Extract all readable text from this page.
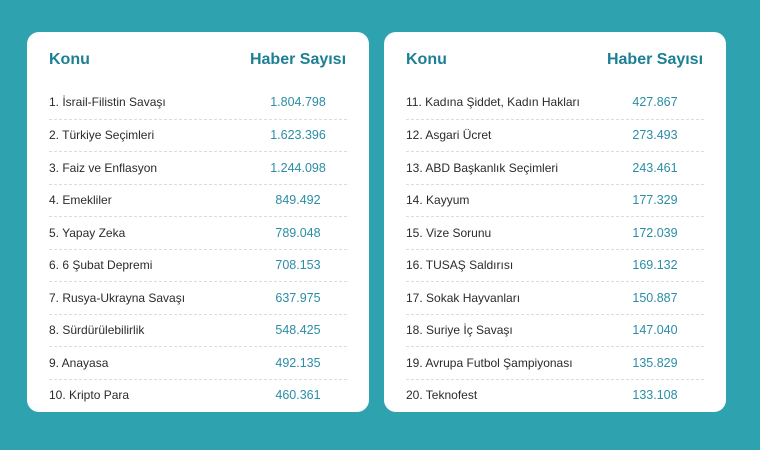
Konu	Haber Sayısı
1. İsrail-Filistin Savaşı	1.804.798
2. Türkiye Seçimleri	1.623.396
3. Faiz ve Enflasyon	1.244.098
4. Emekliler	849.492
5. Yapay Zeka	789.048
6. 6 Şubat Depremi	708.153
7. Rusya-Ukrayna Savaşı	637.975
8. Sürdürülebilirlik	548.425
9. Anayasa	492.135
10. Kripto Para	460.361
Konu	Haber Sayısı
11. Kadına Şiddet, Kadın Hakları	427.867
12. Asgari Ücret	273.493
13. ABD Başkanlık Seçimleri	243.461
14. Kayyum	177.329
15. Vize Sorunu	172.039
16. TUSAŞ Saldırısı	169.132
17. Sokak Hayvanları	150.887
18. Suriye İç Savaşı	147.040
19. Avrupa Futbol Şampiyonası	135.829
20. Teknofest	133.108
